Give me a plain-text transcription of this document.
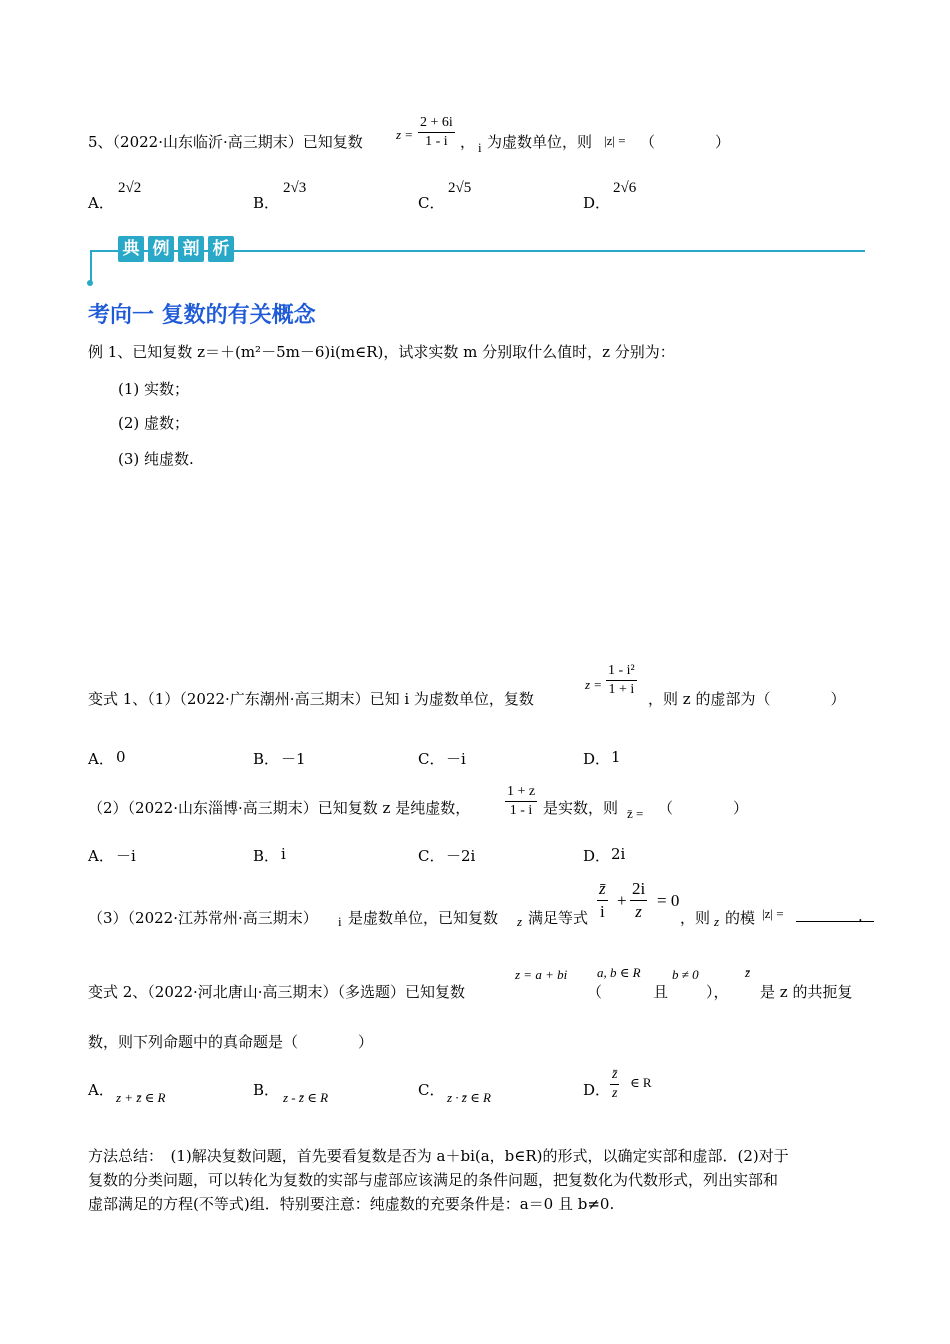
5、（2022·山东临沂·高三期末）已知复数	z =
2 + 6i
1 - i ， i 为虚数单位，则 |z| = （　　　　）
A．
2√2
B．
2√3
C．
2√5
D．
2√6
典 例 剖 析
考向一 复数的有关概念
例 1、已知复数 z＝＋(m²－5m－6)i(m∈R)，试求实数 m 分别取什么值时，z 分别为：
(1) 实数；
(2) 虚数；
(3) 纯虚数.
变式 1、（1）（2022·广东潮州·高三期末）已知 i 为虚数单位，复数
z =
1 - i²
1 + i
，则 z 的虚部为（　　　　）
A． 0	B． －1	C． －i	D． 1
（2）（2022·山东淄博·高三期末）已知复数 z 是纯虚数，
1 + z
1 - i 是实数，则 z̄ = （　　　　）
A． －i	B． i	C． －2i	D． 2i
（3）（2022·江苏常州·高三期末） i 是虚数单位，已知复数 z 满足等式
z̄
i
+
2i
z
= 0
，则 z 的模 |z| =	.
变式 2、（2022·河北唐山·高三期末）（多选题）已知复数
z = a + bi
（
a, b ∈ R
且
b ≠ 0
），
z̄
是 z 的共扼复
数，则下列命题中的真命题是（　　　　）
A． z + z̄ ∈ R	B． z - z̄ ∈ R	C． z · z̄ ∈ R	D．
z̄
z
∈ R
方法总结：　(1)解决复数问题，首先要看复数是否为 a＋bi(a，b∈R)的形式，以确定实部和虚部．(2)对于
复数的分类问题，可以转化为复数的实部与虚部应该满足的条件问题，把复数化为代数形式，列出实部和
虚部满足的方程(不等式)组．特别要注意：纯虚数的充要条件是：a＝0 且 b≠0.
